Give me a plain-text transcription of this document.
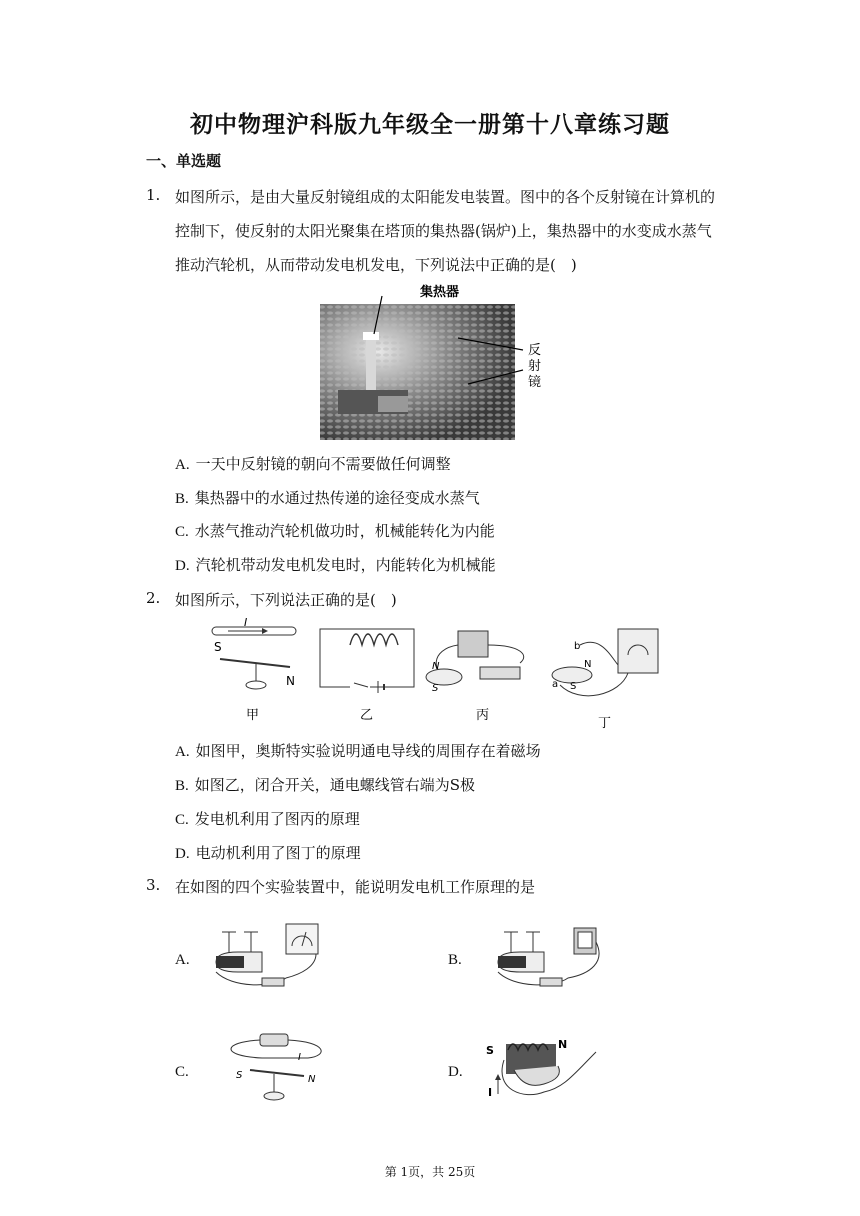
初中物理沪科版九年级全一册第十八章练习题
一、单选题
1. 如图所示，是由大量反射镜组成的太阳能发电装置。图中的各个反射镜在计算机的
控制下，使反射的太阳光聚集在塔顶的集热器(锅炉)上，集热器中的水变成水蒸气
推动汽轮机，从而带动发电机发电，下列说法中正确的是(　)
集热器
反
射
镜
A. 一天中反射镜的朝向不需要做任何调整
B. 集热器中的水通过热传递的途径变成水蒸气
C. 水蒸气推动汽轮机做功时，机械能转化为内能
D. 汽轮机带动发电机发电时，内能转化为机械能
2. 如图所示，下列说法正确的是(　)
I
S
N
甲	乙
N
S
丙
b
a
N
S
丁
A. 如图甲，奥斯特实验说明通电导线的周围存在着磁场
B. 如图乙，闭合开关，通电螺线管右端为S极
C. 发电机利用了图丙的原理
D. 电动机利用了图丁的原理
3. 在如图的四个实验装置中，能说明发电机工作原理的是
A.	B.
C.
I
S	N	D.
S	N
I
第 1页，共 25页
